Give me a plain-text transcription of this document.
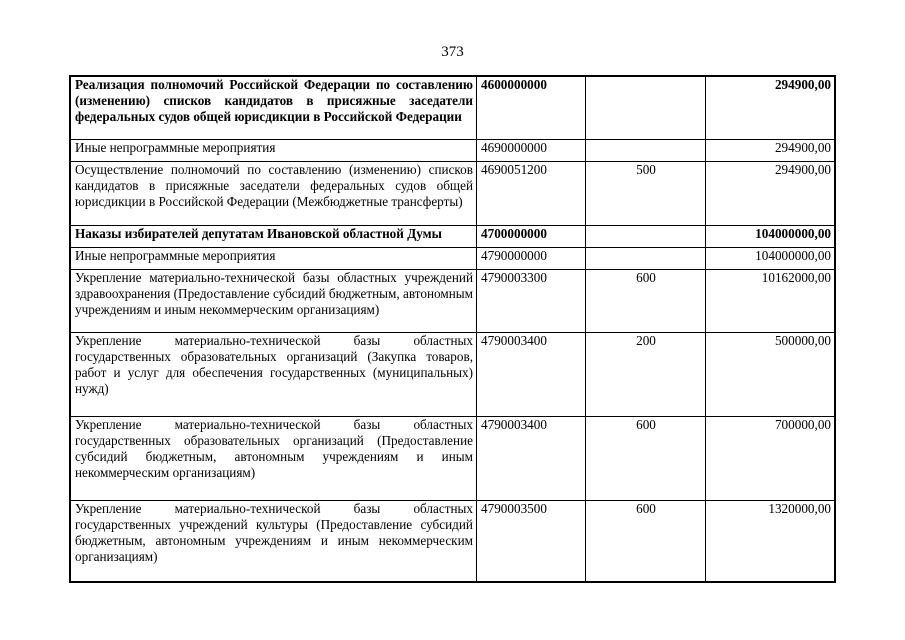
373
Реализация полномочий Российской Федерации по составлению (изменению) списков кандидатов в присяжные заседатели федеральных судов общей юрисдикции в Российской Федерации	4600000000		294900,00
Иные непрограммные мероприятия	4690000000		294900,00
Осуществление полномочий по составлению (изменению) списков кандидатов в присяжные заседатели федеральных судов общей юрисдикции в Российской Федерации (Межбюджетные трансферты)	4690051200	500	294900,00
Наказы избирателей депутатам Ивановской областной Думы	4700000000		104000000,00
Иные непрограммные мероприятия	4790000000		104000000,00
Укрепление материально-технической базы областных учреждений здравоохранения (Предоставление субсидий бюджетным, автономным учреждениям и иным некоммерческим организациям)	4790003300	600	10162000,00
Укрепление материально-технической базы областных государственных образовательных организаций (Закупка товаров, работ и услуг для обеспечения государственных (муниципальных) нужд)	4790003400	200	500000,00
Укрепление материально-технической базы областных государственных образовательных организаций (Предоставление субсидий бюджетным, автономным учреждениям и иным некоммерческим организациям)	4790003400	600	700000,00
Укрепление материально-технической базы областных государственных учреждений культуры (Предоставление субсидий бюджетным, автономным учреждениям и иным некоммерческим организациям)	4790003500	600	1320000,00
